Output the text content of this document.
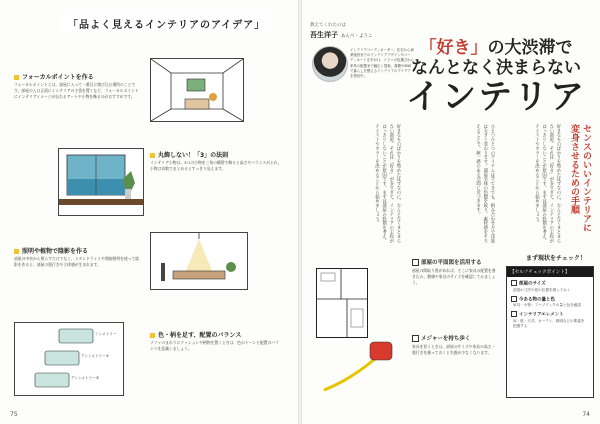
「 品よく見えるインテリアのアイデア 」
フォーカルポイントを作る
フォーカルポイントとは、部屋に入って一番目に飛び込む場所のことです。部屋の入口正面にインテリアの主役を置くなど、フォーカルポイントにインテリアイメージが伝わるアートや小物を飾るのがおすすめです。
丸飾しない！「3」の法則
インテリア小物は、3つの小物を三角の構図で飾ると高さやバランスがとれ、小物は奇数でまとめるとすっきり見えます。
照明や植物で陰影を作る
部屋の中央から照らすだけでなく、スタンドライトや間接照明を使って陰影を作ると、部屋の奥行きや立体感が生まれます。
シンメトリー
アシンメトリー①
アシンメトリー②
色・柄を足す、配置のバランス
ソファのまわりにクッションや柄物を置くときは、色のトーンと配置のバランスを意識しましょう。
75
教えてくれたのは
吾生洋子 あんべ・ようこ
インテリアコーディネーター。住宅から商業施設までのインテリアデザインやコーディネートを手がけ、ソファの色選びから家具の配置まで幅広く提案。書籍やSNSで暮らしを整えるインテリアのアイデアを発信中。
「好き」の大渋滞で
なんとなく決まらない
インテリア
センスのいいインテリアに変身させるための手順
好きなものばかりを集めたはずなのに、なんとなくまとまらない部屋。それは「好き」が多すぎて、インテリアの主役がはっきりしないことが原因です。まずは部屋の役割を考え、テイストやカラーを決めることから始めましょう。
ひとつひとつのアイテムはすてきでも、組み合わせ方で印象は大きく変わります。部屋全体の色数を絞り、素材感をそろえることで、統一感のある空間に近づきます。
好きなものばかりを集めたはずなのに、なんとなくまとまらない部屋。それは「好き」が多すぎて、インテリアの主役がはっきりしないことが原因です。まずは部屋の役割を考え、テイストやカラーを決めることから始めましょう。
部屋の平面図を活用する
部屋の間取り図があれば、そこに家具の配置を書き込み、動線や家具のサイズを確認してみましょう。
メジャーを持ち歩く
家具を買うときは、部屋のサイズや家具の高さ・奥行きを測っておくと失敗が少なくなります。
まず現状をチェック！
【セルフチェックポイント】
部屋のサイズ
部屋の寸法や窓の位置を測っておく
今ある物の量と色
家具・小物・ファブリックの量と色を確認
インテリアエレメント
床・壁・天井、カーテン、照明などの要素を把握する
74
